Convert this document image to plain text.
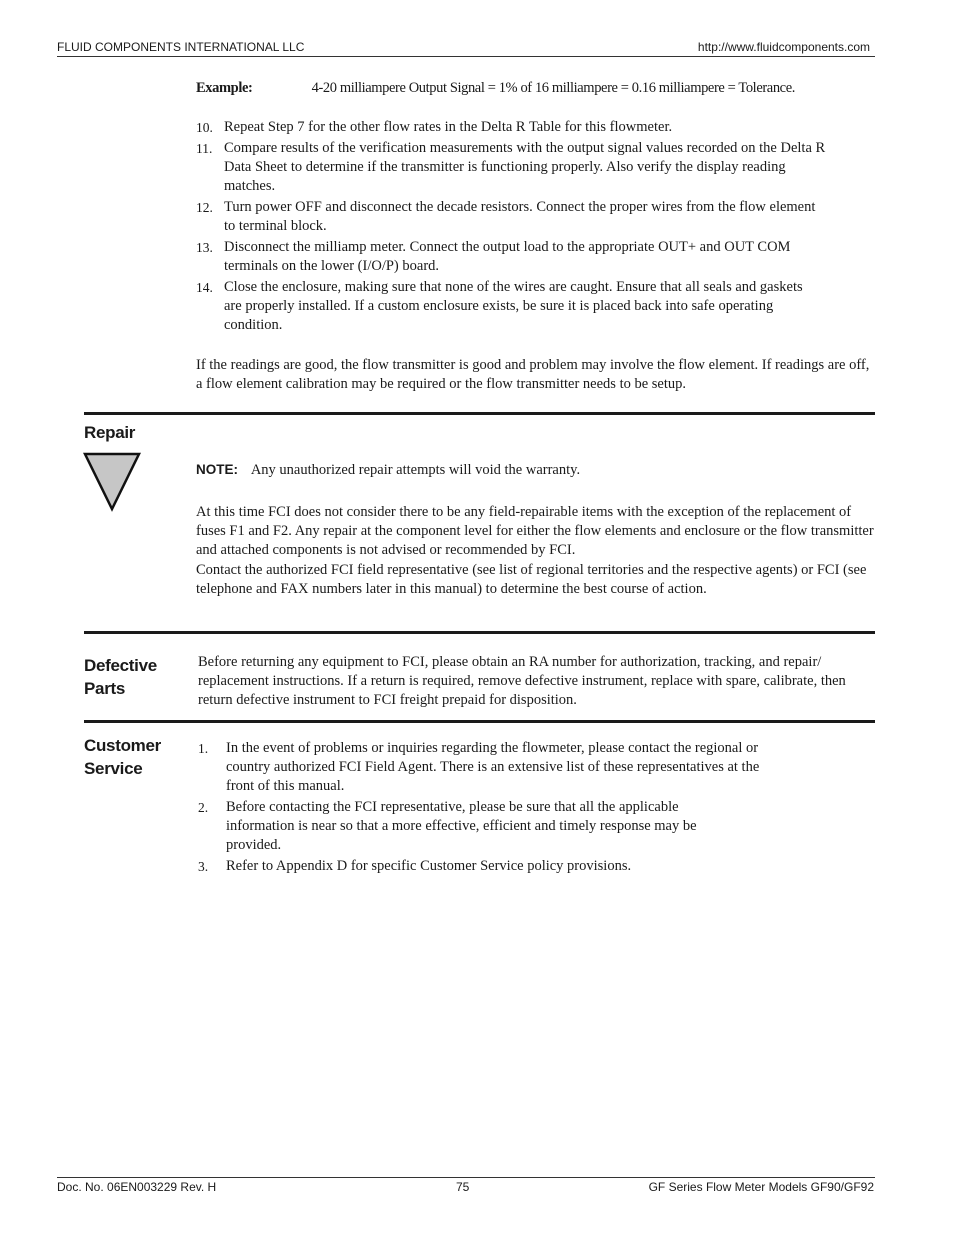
FLUID COMPONENTS INTERNATIONAL LLC	http://www.fluidcomponents.com
Example:	4-20 milliampere Output Signal = 1% of 16 milliampere = 0.16 milliampere = Tolerance.
10. Repeat Step 7 for the other flow rates in the Delta R Table for this flowmeter.
11. Compare results of the verification measurements with the output signal values recorded on the Delta R Data Sheet to determine if the transmitter is functioning properly. Also verify the display reading matches.
12. Turn power OFF and disconnect the decade resistors. Connect the proper wires from the flow element to terminal block.
13. Disconnect the milliamp meter. Connect the output load to the appropriate OUT+ and OUT COM terminals on the lower (I/O/P) board.
14. Close the enclosure, making sure that none of the wires are caught. Ensure that all seals and gaskets are properly installed. If a custom enclosure exists, be sure it is placed back into safe operating condition.
If the readings are good, the flow transmitter is good and problem may involve the flow element. If readings are off, a flow element calibration may be required or the flow transmitter needs to be setup.
Repair
NOTE: Any unauthorized repair attempts will void the warranty.
At this time FCI does not consider there to be any field-repairable items with the exception of the replacement of fuses F1 and F2. Any repair at the component level for either the flow elements and enclosure or the flow transmitter and attached components is not advised or recommended by FCI.
Contact the authorized FCI field representative (see list of regional territories and the respective agents) or FCI (see telephone and FAX numbers later in this manual) to determine the best course of action.
Defective
Parts
Before returning any equipment to FCI, please obtain an RA number for authorization, tracking, and repair/ replacement instructions. If a return is required, remove defective instrument, replace with spare, calibrate, then return defective instrument to FCI freight prepaid for disposition.
Customer
Service
1.	In the event of problems or inquiries regarding the flowmeter, please contact the regional or country authorized FCI Field Agent. There is an extensive list of these representatives at the front of this manual.
2.	Before contacting the FCI representative, please be sure that all the applicable information is near so that a more effective, efficient and timely response may be provided.
3.	Refer to Appendix D for specific Customer Service policy provisions.
Doc. No. 06EN003229 Rev. H	75	GF Series Flow Meter Models GF90/GF92
